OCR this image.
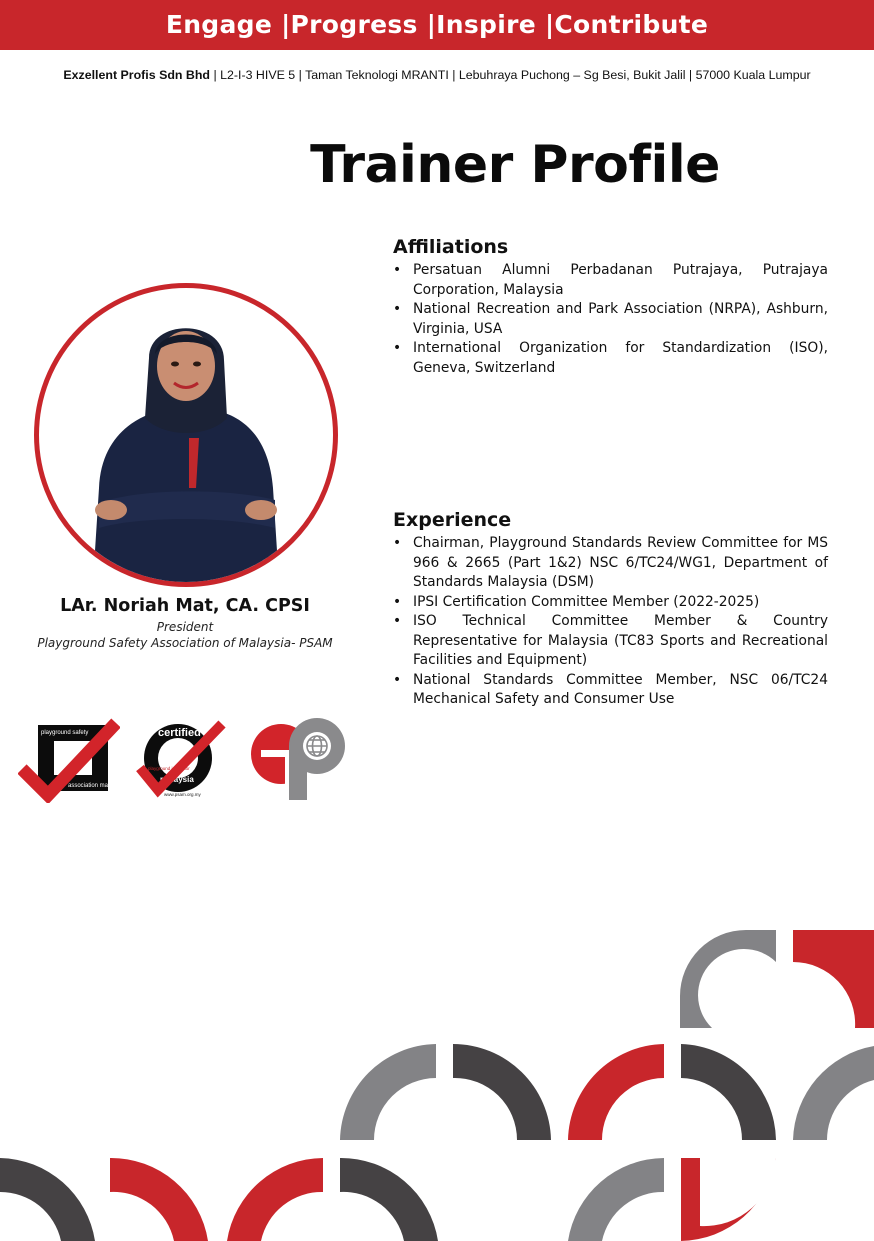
Engage |Progress |Inspire |Contribute
Exzellent Profis Sdn Bhd | L2-I-3 HIVE 5 | Taman Teknologi MRANTI | Lebuhraya Puchong – Sg Besi, Bukit Jalil | 57000 Kuala Lumpur
Trainer Profile
Affiliations
• Persatuan Alumni Perbadanan Putrajaya, Putrajaya Corporation, Malaysia
• National Recreation and Park Association (NRPA), Ashburn, Virginia, USA
• International Organization for Standardization (ISO), Geneva, Switzerland
Experience
• Chairman, Playground Standards Review Committee for MS 966 & 2665 (Part 1&2) NSC 6/TC24/WG1, Department of Standards Malaysia (DSM)
• IPSI Certification Committee Member (2022-2025)
• ISO Technical Committee Member & Country Representative for Malaysia (TC83 Sports and Recreational Facilities and Equipment)
• National Standards Committee Member, NSC 06/TC24 Mechanical Safety and Consumer Use
LAr. Noriah Mat, CA. CPSI
President
Playground Safety Association of Malaysia- PSAM
playground safety
association malaysia
certified
malaysia
playground inspector
www.psam.org.my
